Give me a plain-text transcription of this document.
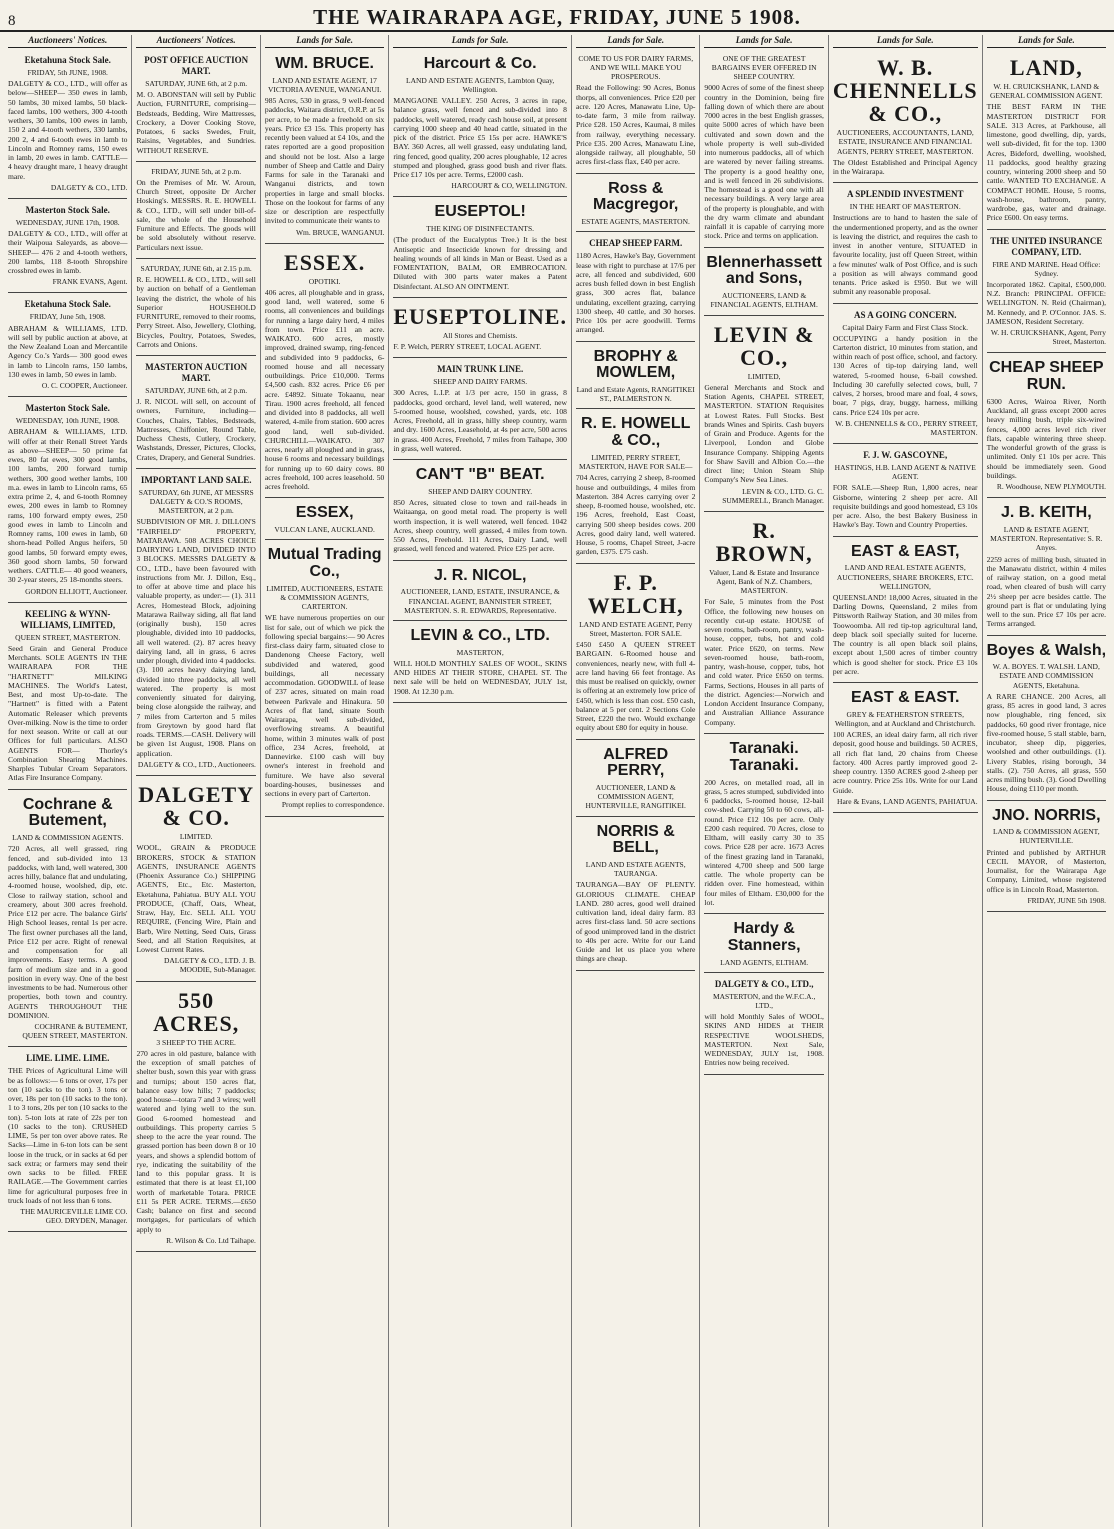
8	THE WAIRARAPA AGE, FRIDAY, JUNE 5 1908.
Auctioneers' Notices.
Eketahuna Stock Sale.
FRIDAY, 5th JUNE, 1908.
DALGETY & CO., LTD., will offer as below—SHEEP— 350 ewes in lamb, 50 lambs, 30 mixed lambs, 50 black-faced lambs, 100 wethers, 300 4-tooth wethers, 30 lambs, 100 ewes in lamb, 150 2 and 4-tooth wethers, 330 lambs, 200 2, 4 and 6-tooth ewes in lamb to Lincoln and Romney rams, 150 ewes in lamb, 20 ewes in lamb. CATTLE— 4 heavy draught mare, 1 heavy draught mare.
DALGETY & CO., LTD.
Masterton Stock Sale.
WEDNESDAY, JUNE 17th, 1908.
DALGETY & CO., LTD., will offer at their Waipoua Saleyards, as above—SHEEP— 476 2 and 4-tooth wethers, 200 lambs, 118 8-tooth Shropshire crossbred ewes in lamb.
FRANK EVANS, Agent.
Eketahuna Stock Sale.
FRIDAY, June 5th, 1908.
ABRAHAM & WILLIAMS, LTD. will sell by public auction at above, at the New Zealand Loan and Mercantile Agency Co.'s Yards— 300 good ewes in lamb to Lincoln rams, 150 lambs, 130 ewes in lamb, 50 ewes in lamb.
O. C. COOPER, Auctioneer.
Masterton Stock Sale.
WEDNESDAY, 10th JUNE, 1908.
ABRAHAM & WILLIAMS, LTD. will offer at their Renall Street Yards as above—SHEEP— 50 prime fat ewes, 80 fat ewes, 300 good lambs, 100 lambs, 200 forward turnip wethers, 300 good wether lambs, 100 m.a. ewes in lamb to Lincoln rams, 65 extra prime 2, 4, and 6-tooth Romney ewes, 200 ewes in lamb to Romney rams, 100 forward empty ewes, 250 good ewes in lamb to Lincoln and Romney rams, 100 ewes in lamb, 60 shorn-head Polled Angus heifers, 50 good lambs, 50 forward empty ewes, 360 good shorn lambs, 50 forward wethers. CATTLE— 40 good weaners, 30 2-year steers, 25 18-months steers.
GORDON ELLIOTT, Auctioneer.
KEELING & WYNN-WILLIAMS, LIMITED,
QUEEN STREET, MASTERTON.
Seed Grain and General Produce Merchants. SOLE AGENTS IN THE WAIRARAPA FOR THE "HARTNETT" MILKING MACHINES. The World's Latest, Best, and most Up-to-date. The "Hartnett" is fitted with a Patent Automatic Releaser which prevents Over-milking. Now is the time to order for next season. Write or call at our Offices for full particulars. ALSO AGENTS FOR— Thorley's Combination Shearing Machines. Sharples Tubular Cream Separators. Atlas Fire Insurance Company.
Cochrane & Butement,
LAND & COMMISSION AGENTS.
720 Acres, all well grassed, ring fenced, and sub-divided into 13 paddocks, with land, well watered, 300 acres hilly, balance flat and undulating, 4-roomed house, woolshed, dip, etc. Close to railway station, school and creamery, about 300 acres freehold. Price £12 per acre. The balance Girls' High School leases, rental 1s per acre. The first owner purchases all the land, Price £12 per acre. Right of renewal and compensation for all improvements. Easy terms. A good farm of medium size and in a good position in every way. One of the best investments to be had. Numerous other properties, both town and country. AGENTS THROUGHOUT THE DOMINION.
COCHRANE & BUTEMENT, QUEEN STREET, MASTERTON.
LIME. LIME. LIME.
THE Prices of Agricultural Lime will be as follows:— 6 tons or over, 17s per ton (10 sacks to the ton). 3 tons or over, 18s per ton (10 sacks to the ton). 1 to 3 tons, 20s per ton (10 sacks to the ton). 5-ton lots at rate of 22s per ton (10 sacks to the ton). CRUSHED LIME, 5s per ton over above rates. Re Sacks—Lime in 6-ton lots can be sent loose in the truck, or in sacks at 6d per sack extra; or farmers may send their own sacks to be filled. FREE RAILAGE.—The Government carries lime for agricultural purposes free in truck loads of not less than 6 tons.
THE MAURICEVILLE LIME CO. GEO. DRYDEN, Manager.
Auctioneers' Notices.
POST OFFICE AUCTION MART.
SATURDAY, JUNE 6th, at 2 p.m.
M. O. ABONSTAN will sell by Public Auction, FURNITURE, comprising—Bedsteads, Bedding, Wire Mattresses, Crockery, a Dover Cooking Stove, Potatoes, 6 sacks Swedes, Fruit, Raisins, Vegetables, and Sundries. WITHOUT RESERVE.
FRIDAY, JUNE 5th, at 2 p.m.
On the Premises of Mr. W. Aroun, Church Street, opposite Dr Archer Hosking's. MESSRS. R. E. HOWELL & CO., LTD., will sell under bill-of-sale, the whole of the Household Furniture and Effects. The goods will be sold absolutely without reserve. Particulars next issue.
SATURDAY, JUNE 6th, at 2.15 p.m.
R. E. HOWELL & CO., LTD., will sell by auction on behalf of a Gentleman leaving the district, the whole of his Superior HOUSEHOLD FURNITURE, removed to their rooms, Perry Street. Also, Jewellery, Clothing, Bicycles, Poultry, Potatoes, Swedes, Carrots and Onions.
MASTERTON AUCTION MART.
SATURDAY, JUNE 6th, at 2 p.m.
J. R. NICOL will sell, on account of owners, Furniture, including—Couches, Chairs, Tables, Bedsteads, Mattresses, Chiffonier, Round Table, Duchess Chests, Cutlery, Crockery, Washstands, Dresser, Pictures, Clocks, Crates, Drapery, and General Sundries.
IMPORTANT LAND SALE.
SATURDAY, 6th JUNE, AT MESSRS DALGETY & CO.'S ROOMS, MASTERTON, at 2 p.m.
SUBDIVISION OF MR. J. DILLON'S "FAIRFIELD" PROPERTY, MATARAWA. 508 ACRES CHOICE DAIRYING LAND, DIVIDED INTO 3 BLOCKS. MESSRS DALGETY & CO., LTD., have been favoured with instructions from Mr. J. Dillon, Esq., to offer at above time and place his valuable property, as under:— (1). 311 Acres, Homestead Block, adjoining Matarawa Railway siding, all flat land (originally bush), 150 acres ploughable, divided into 10 paddocks, all well watered. (2). 87 acres heavy dairying land, all in grass, 6 acres under plough, divided into 4 paddocks. (3). 100 acres heavy dairying land, divided into three paddocks, all well watered. The property is most conveniently situated for dairying, being close alongside the railway, and 7 miles from Carterton and 5 miles from Greytown by good hard flat roads. TERMS.—CASH. Delivery will be given 1st August, 1908. Plans on application.
DALGETY & CO., LTD., Auctioneers.
DALGETY & CO.
LIMITED.
WOOL, GRAIN & PRODUCE BROKERS, STOCK & STATION AGENTS, INSURANCE AGENTS (Phoenix Assurance Co.) SHIPPING AGENTS, Etc., Etc. Masterton, Eketahuna, Pahiatua. BUY ALL YOU PRODUCE, (Chaff, Oats, Wheat, Straw, Hay, Etc. SELL ALL YOU REQUIRE, (Fencing Wire, Plain and Barb, Wire Netting, Seed Oats, Grass Seed, and all Station Requisites, at Lowest Current Rates.
DALGETY & CO., LTD. J. B. MOODIE, Sub-Manager.
550 ACRES,
3 SHEEP TO THE ACRE.
270 acres in old pasture, balance with the exception of small patches of shelter bush, sown this year with grass and turnips; about 150 acres flat, balance easy low hills; 7 paddocks; good house—totara 7 and 3 wires; well watered and lying well to the sun. Good 6-roomed homestead and outbuildings. This property carries 5 sheep to the acre the year round. The grassed portion has been down 8 or 10 years, and shows a splendid bottom of rye, indicating the suitability of the land to this popular grass. It is estimated that there is at least £1,100 worth of marketable Totara. PRICE £11 5s PER ACRE. TERMS.—£650 Cash; balance on first and second mortgages, for particulars of which apply to
R. Wilson & Co. Ltd Taihape.
Lands for Sale.
WM. BRUCE.
LAND AND ESTATE AGENT, 17 VICTORIA AVENUE, WANGANUI.
985 Acres, 530 in grass, 9 well-fenced paddocks, Waitara district, O.R.P. at 5s per acre, to be made a freehold on six years. Price £3 15s. This property has recently been valued at £4 10s, and the rates reported are a good proposition and should not be lost. Also a large number of Sheep and Cattle and Dairy Farms for sale in the Taranaki and Wanganui districts, and town properties in large and small blocks. Those on the lookout for farms of any size or description are respectfully invited to communicate their wants to
Wm. BRUCE, WANGANUI.
ESSEX.
OPOTIKI.
406 acres, all ploughable and in grass, good land, well watered, some 6 rooms, all conveniences and buildings for running a large dairy herd, 4 miles from town. Price £11 an acre. WAIKATO. 600 acres, mostly improved, drained swamp, ring-fenced and subdivided into 9 paddocks, 6-roomed house and all necessary outbuildings. Price £10,000. Terms £4,500 cash. 832 acres. Price £6 per acre. £4892. Situate Tokaanu, near Tirau. 1900 acres freehold, all fenced and divided into 8 paddocks, all well watered, 4-mile from station. 600 acres good land, well sub-divided. CHURCHILL—WAIKATO. 307 acres, nearly all ploughed and in grass, house 6 rooms and necessary buildings for running up to 60 dairy cows. 80 acres freehold, 100 acres leasehold. 50 acres freehold.
ESSEX,
VULCAN LANE, AUCKLAND.
Mutual Trading Co.,
LIMITED, AUCTIONEERS, ESTATE & COMMISSION AGENTS, CARTERTON.
WE have numerous properties on our list for sale, out of which we pick the following special bargains:— 90 Acres first-class dairy farm, situated close to Dandenong Cheese Factory, well subdivided and watered, good buildings, all necessary accommodation. GOODWILL of lease of 237 acres, situated on main road between Parkvale and Hinakura. 50 Acres of flat land, situate South Wairarapa, well sub-divided, overflowing streams. A beautiful home, within 3 minutes walk of post office, 234 Acres, freehold, at Dannevirke. £100 cash will buy owner's interest in freehold and furniture. We have also several boarding-houses, businesses and sections in every part of Carterton.
Prompt replies to correspondence.
Lands for Sale.
Harcourt & Co.
LAND AND ESTATE AGENTS, Lambton Quay, Wellington.
MANGAONE VALLEY. 250 Acres, 3 acres in rape, balance grass, well fenced and sub-divided into 8 paddocks, well watered, ready cash house soil, at present carrying 1000 sheep and 40 head cattle, situated in the pick of the district. Price £5 15s per acre. HAWKE'S BAY. 360 Acres, all well grassed, easy undulating land, ring fenced, good quality, 200 acres ploughable, 12 acres stumped and ploughed, grass good bush and river flats. Price £17 10s per acre. Terms, £2000 cash.
HARCOURT & CO, WELLINGTON.
EUSEPTOL!
THE KING OF DISINFECTANTS.
(The product of the Eucalyptus Tree.) It is the best Antiseptic and Insecticide known for dressing and healing wounds of all kinds in Man or Beast. Used as a FOMENTATION, BALM, OR EMBROCATION. Diluted with 300 parts water makes a Patent Disinfectant. ALSO AN OINTMENT.
EUSEPTOLINE.
All Stores and Chemists.
F. P. Welch, PERRY STREET, LOCAL AGENT.
MAIN TRUNK LINE.
SHEEP AND DAIRY FARMS.
300 Acres, L.I.P. at 1/3 per acre, 150 in grass, 8 paddocks, good orchard, level land, well watered, new 5-roomed house, woolshed, cowshed, yards, etc. 108 Acres, Freehold, all in grass, hilly sheep country, warm and dry. 1600 Acres, Leasehold, at 4s per acre, 500 acres in grass. 400 Acres, Freehold, 7 miles from Taihape, 300 in grass, well watered.
CAN'T "B" BEAT.
SHEEP AND DAIRY COUNTRY.
850 Acres, situated close to town and rail-heads in Waitaanga, on good metal road. The property is well worth inspection, it is well watered, well fenced. 1042 Acres, sheep country, well grassed, 4 miles from town. 550 Acres, Freehold. 111 Acres, Dairy Land, well grassed, well fenced and watered. Price £25 per acre.
J. R. NICOL,
AUCTIONEER, LAND, ESTATE, INSURANCE, & FINANCIAL AGENT, BANNISTER STREET, MASTERTON. S. R. EDWARDS, Representative.
LEVIN & CO., LTD.
MASTERTON,
WILL HOLD MONTHLY SALES OF WOOL, SKINS AND HIDES AT THEIR STORE, CHAPEL ST. The next sale will be held on WEDNESDAY, JULY 1st, 1908. At 12.30 p.m.
Lands for Sale.
COME TO US FOR DAIRY FARMS, AND WE WILL MAKE YOU PROSPEROUS.
Read the Following: 90 Acres, Bonus thorps, all conveniences. Price £20 per acre. 120 Acres, Manawatu Line, Up-to-date farm, 3 mile from railway. Price £28. 150 Acres, Kaumai, 8 miles from railway, everything necessary. Price £35. 200 Acres, Manawatu Line, alongside railway, all ploughable, 50 acres first-class flax, £40 per acre.
Ross & Macgregor,
ESTATE AGENTS, MASTERTON.
CHEAP SHEEP FARM.
1180 Acres, Hawke's Bay, Government lease with right to purchase at 17/6 per acre, all fenced and subdivided, 600 acres bush felled down in best English grass, 300 acres flat, balance undulating, excellent grazing, carrying 1300 sheep, 40 cattle, and 30 horses. Price 10s per acre goodwill. Terms arranged.
BROPHY & MOWLEM,
Land and Estate Agents, RANGITIKEI ST., PALMERSTON N.
R. E. HOWELL & CO.,
LIMITED, PERRY STREET, MASTERTON, HAVE FOR SALE—
704 Acres, carrying 2 sheep, 8-roomed house and outbuildings, 4 miles from Masterton. 384 Acres carrying over 2 sheep, 8-roomed house, woolshed, etc. 196 Acres, freehold, East Coast, carrying 500 sheep besides cows. 200 Acres, good dairy land, well watered. House, 5 rooms, Chapel Street, J-acre garden, £375. £75 cash.
F. P. WELCH,
LAND AND ESTATE AGENT, Perry Street, Masterton. FOR SALE.
£450 £450 A QUEEN STREET BARGAIN. 6-Roomed house and conveniences, nearly new, with full 4-acre land having 66 feet frontage. As this must be realised on quickly, owner is offering at an extremely low price of £450, which is less than cost. £50 cash, balance at 5 per cent. 2 Sections Cole Street, £220 the two. Would exchange equity about £80 for equity in house.
ALFRED PERRY,
AUCTIONEER, LAND & COMMISSION AGENT, HUNTERVILLE, RANGITIKEI.
NORRIS & BELL,
LAND AND ESTATE AGENTS, TAURANGA.
TAURANGA—BAY OF PLENTY. GLORIOUS CLIMATE. CHEAP LAND. 280 acres, good well drained cultivation land, ideal dairy farm. 83 acres first-class land. 50 acre sections of good unimproved land in the district to 40s per acre. Write for our Land Guide and let us place you where things are cheap.
Lands for Sale.
ONE OF THE GREATEST BARGAINS EVER OFFERED IN SHEEP COUNTRY.
9000 Acres of some of the finest sheep country in the Dominion, being fire falling down of which there are about 7000 acres in the best English grasses, quite 5000 acres of which have been cultivated and sown down and the whole property is well sub-divided into numerous paddocks, all of which are watered by never failing streams. The property is a good healthy one, and is well fenced in 26 subdivisions. The homestead is a good one with all necessary buildings. A very large area of the property is ploughable, and with the dry warm climate and abundant rainfall it is capable of carrying more stock. Price and terms on application.
Blennerhassett and Sons,
AUCTIONEERS, LAND & FINANCIAL AGENTS, ELTHAM.
LEVIN & CO.,
LIMITED,
General Merchants and Stock and Station Agents, CHAPEL STREET, MASTERTON. STATION Requisites at Lowest Rates. Full Stocks. Best brands Wines and Spirits. Cash buyers of Grain and Produce. Agents for the Liverpool, London and Globe Insurance Company. Shipping Agents for Shaw Savill and Albion Co.—the direct line; Union Steam Ship Company's New Sea Lines.
LEVIN & CO., LTD. G. C. SUMMERELL, Branch Manager.
R. BROWN,
Valuer, Land & Estate and Insurance Agent, Bank of N.Z. Chambers, MASTERTON.
For Sale, 5 minutes from the Post Office, the following new houses on recently cut-up estate. HOUSE of seven rooms, bath-room, pantry, wash-house, copper, tubs, hot and cold water. Price £620, on terms. New seven-roomed house, bath-room, pantry, wash-house, copper, tubs, hot and cold water. Price £650 on terms. Farms, Sections, Houses in all parts of the district. Agencies:—Norwich and London Accident Insurance Company, and Australian Alliance Assurance Company.
Taranaki. Taranaki.
200 Acres, on metalled road, all in grass, 5 acres stumped, subdivided into 6 paddocks, 5-roomed house, 12-bail cow-shed. Carrying 50 to 60 cows, all-round. Price £12 10s per acre. Only £200 cash required. 70 Acres, close to Eltham, will easily carry 30 to 35 cows. Price £28 per acre. 1673 Acres of the finest grazing land in Taranaki, wintered 4,700 sheep and 500 large cattle. The whole property can be ridden over. Fine homestead, within four miles of Eltham. £30,000 for the lot.
Hardy & Stanners,
LAND AGENTS, ELTHAM.
DALGETY & CO., LTD.,
MASTERTON, and the W.F.C.A., LTD.,
will hold Monthly Sales of WOOL, SKINS AND HIDES at THEIR RESPECTIVE WOOLSHEDS, MASTERTON. Next Sale, WEDNESDAY, JULY 1st, 1908. Entries now being received.
Lands for Sale.
W. B. CHENNELLS & CO.,
AUCTIONEERS, ACCOUNTANTS, LAND, ESTATE, INSURANCE AND FINANCIAL AGENTS, PERRY STREET, MASTERTON.
The Oldest Established and Principal Agency in the Wairarapa.
A SPLENDID INVESTMENT
IN THE HEART OF MASTERTON.
Instructions are to hand to hasten the sale of the undermentioned property, and as the owner is leaving the district, and requires the cash to invest in another venture, SITUATED in favourite locality, just off Queen Street, within a few minutes' walk of Post Office, and is such a position as will always command good tenants. Price asked is £950. But we will submit any reasonable proposal.
AS A GOING CONCERN.
Capital Dairy Farm and First Class Stock.
OCCUPYING a handy position in the Carterton district, 10 minutes from station, and within reach of post office, school, and factory. 130 Acres of tip-top dairying land, well watered, 5-roomed house, 6-bail cowshed. Including 30 carefully selected cows, bull, 7 calves, 2 horses, brood mare and foal, 4 sows, boar, 7 pigs, dray, buggy, harness, milking cans. Price £24 10s per acre.
W. B. CHENNELLS & CO., PERRY STREET, MASTERTON.
F. J. W. GASCOYNE,
HASTINGS, H.B. LAND AGENT & NATIVE AGENT.
FOR SALE.—Sheep Run, 1,800 acres, near Gisborne, wintering 2 sheep per acre. All requisite buildings and good homestead, £3 10s per acre. Also, the best Bakery Business in Hawke's Bay. Town and Country Properties.
EAST & EAST,
LAND AND REAL ESTATE AGENTS, AUCTIONEERS, SHARE BROKERS, ETC. WELLINGTON,
QUEENSLAND! 18,000 Acres, situated in the Darling Downs, Queensland, 2 miles from Pittsworth Railway Station, and 30 miles from Toowoomba. All red tip-top agricultural land, deep black soil specially suited for lucerne. The country is all open black soil plains, except about 1,500 acres of timber country which is good shelter for stock. Price £3 10s per acre.
EAST & EAST.
GREY & FEATHERSTON STREETS, Wellington, and at Auckland and Christchurch.
100 ACRES, an ideal dairy farm, all rich river deposit, good house and buildings. 50 ACRES, all rich flat land, 20 chains from Cheese factory. 400 Acres partly improved good 2-sheep country. 1350 ACRES good 2-sheep per acre country. Price 25s 10s. Write for our Land Guide.
Hare & Evans, LAND AGENTS, PAHIATUA.
Lands for Sale.
LAND,
W. H. CRUICKSHANK, LAND & GENERAL COMMISSION AGENT.
THE BEST FARM IN THE MASTERTON DISTRICT FOR SALE. 313 Acres, at Parkhouse, all limestone, good dwelling, dip, yards, well sub-divided, fit for the top. 1300 Acres, Bideford, dwelling, woolshed, 11 paddocks, good healthy grazing country, wintering 2000 sheep and 50 cattle. WANTED TO EXCHANGE. A COMPACT HOME. House, 5 rooms, wash-house, bathroom, pantry, wardrobe, gas, water and drainage. Price £600. On easy terms.
THE UNITED INSURANCE COMPANY, LTD.
FIRE AND MARINE. Head Office: Sydney.
Incorporated 1862. Capital, £500,000. N.Z. Branch: PRINCIPAL OFFICE: WELLINGTON. N. Reid (Chairman), M. Kennedy, and P. O'Connor. JAS. S. JAMESON, Resident Secretary.
W. H. CRUICKSHANK, Agent, Perry Street, Masterton.
CHEAP SHEEP RUN.
6300 Acres, Wairoa River, North Auckland, all grass except 2000 acres heavy milling bush, triple six-wired fences, 4,000 acres level rich river flats, capable wintering three sheep. The wonderful growth of the grass is unlimited. Only £1 10s per acre. This should be immediately seen. Good buildings.
R. Woodhouse, NEW PLYMOUTH.
J. B. KEITH,
LAND & ESTATE AGENT, MASTERTON. Representative: S. R. Anyes.
2259 acres of milling bush, situated in the Manawatu district, within 4 miles of railway station, on a good metal road, when cleared of bush will carry 2½ sheep per acre besides cattle. The ground part is flat or undulating lying well to the sun. Price £7 10s per acre. Terms arranged.
Boyes & Walsh,
W. A. BOYES. T. WALSH. LAND, ESTATE AND COMMISSION AGENTS, Eketahuna.
A RARE CHANCE. 200 Acres, all grass, 85 acres in good land, 3 acres now ploughable, ring fenced, six paddocks, 60 good river frontage, nice five-roomed house, 5 stall stable, barn, incubator, sheep dip, piggeries, woolshed and other outbuildings. (1). Livery Stables, rising borough, 34 stalls. (2). 750 Acres, all grass, 550 acres milling bush. (3). Good Dwelling House, doing £110 per month.
JNO. NORRIS,
LAND & COMMISSION AGENT, HUNTERVILLE.
Printed and published by ARTHUR CECIL MAYOR, of Masterton, Journalist, for the Wairarapa Age Company, Limited, whose registered office is in Lincoln Road, Masterton.
FRIDAY, JUNE 5th 1908.
